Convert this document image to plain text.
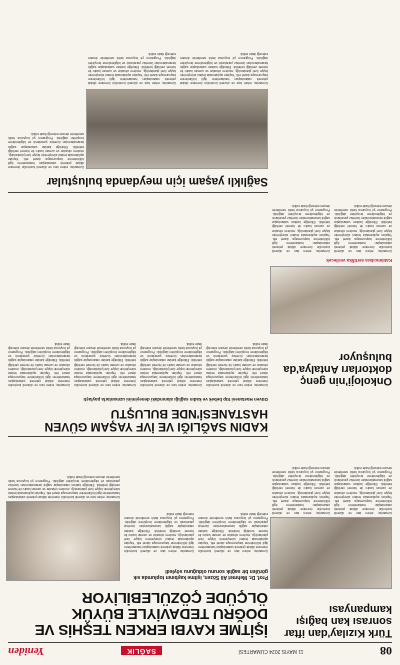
08
11 MAYIS 2024 CUMARTESİ
SAĞLIK
Yeniden
Türk Kızılay'dan iftar sonrası kan bağışı kampanyası
Uzmanlar, erken tanı ve düzenli kontrolün önemine dikkat çekerek vatandaşları hastanelerin ilgili bölümlerine başvurmaya davet etti. Yapılan açıklamada tedavi süreçlerinin kişiye özel planlandığı, modern cihazlar ve uzman kadro ile hizmet verildiği belirtildi. Etkinliğe katılan vatandaşlar sağlık taramalarından ücretsiz yararlandı ve bilgilendirme broşürleri dağıtıldı. Programın yıl boyunca farklı semtlerde devam edeceği ifade edildi.
Uzmanlar, erken tanı ve düzenli kontrolün önemine dikkat çekerek vatandaşları hastanelerin ilgili bölümlerine başvurmaya davet etti. Yapılan açıklamada tedavi süreçlerinin kişiye özel planlandığı, modern cihazlar ve uzman kadro ile hizmet verildiği belirtildi. Etkinliğe katılan vatandaşlar sağlık taramalarından ücretsiz yararlandı ve bilgilendirme broşürleri dağıtıldı. Programın yıl boyunca farklı semtlerde devam edeceği ifade edildi.
Onkoloji'nin genç doktorları Antalya'da buluşuyor
Katılımcılara sertifika verilecek
Uzmanlar, erken tanı ve düzenli kontrolün önemine dikkat çekerek vatandaşları hastanelerin ilgili bölümlerine başvurmaya davet etti. Yapılan açıklamada tedavi süreçlerinin kişiye özel planlandığı, modern cihazlar ve uzman kadro ile hizmet verildiği belirtildi. Etkinliğe katılan vatandaşlar sağlık taramalarından ücretsiz yararlandı ve bilgilendirme broşürleri dağıtıldı. Programın yıl boyunca farklı semtlerde devam edeceği ifade edildi.
Uzmanlar, erken tanı ve düzenli kontrolün önemine dikkat çekerek vatandaşları hastanelerin ilgili bölümlerine başvurmaya davet etti. Yapılan açıklamada tedavi süreçlerinin kişiye özel planlandığı, modern cihazlar ve uzman kadro ile hizmet verildiği belirtildi. Etkinliğe katılan vatandaşlar sağlık taramalarından ücretsiz yararlandı ve bilgilendirme broşürleri dağıtıldı. Programın yıl boyunca farklı semtlerde devam edeceği ifade edildi.
İŞİTME KAYBI ERKEN TEŞHİS VE DOĞRU TEDAVİYLE BÜYÜK ÖLÇÜDE ÇÖZÜLEBİLİYOR
Prof. Dr. Mehmet Ali Sözen, işitme kaybının toplumda sık görülen bir sağlık sorunu olduğunu söyledi
Uzmanlar, erken tanı ve düzenli kontrolün önemine dikkat çekerek vatandaşları hastanelerin ilgili bölümlerine başvurmaya davet etti. Yapılan açıklamada tedavi süreçlerinin kişiye özel planlandığı, modern cihazlar ve uzman kadro ile hizmet verildiği belirtildi. Etkinliğe katılan vatandaşlar sağlık taramalarından ücretsiz yararlandı ve bilgilendirme broşürleri dağıtıldı. Programın yıl boyunca farklı semtlerde devam edeceği ifade edildi.
Uzmanlar, erken tanı ve düzenli kontrolün önemine dikkat çekerek vatandaşları hastanelerin ilgili bölümlerine başvurmaya davet etti. Yapılan açıklamada tedavi süreçlerinin kişiye özel planlandığı, modern cihazlar ve uzman kadro ile hizmet verildiği belirtildi. Etkinliğe katılan vatandaşlar sağlık taramalarından ücretsiz yararlandı ve bilgilendirme broşürleri dağıtıldı. Programın yıl boyunca farklı semtlerde devam edeceği ifade edildi.
Uzmanlar, erken tanı ve düzenli kontrolün önemine dikkat çekerek vatandaşları hastanelerin ilgili bölümlerine başvurmaya davet etti. Yapılan açıklamada tedavi süreçlerinin kişiye özel planlandığı, modern cihazlar ve uzman kadro ile hizmet verildiği belirtildi. Etkinliğe katılan vatandaşlar sağlık taramalarından ücretsiz yararlandı ve bilgilendirme broşürleri dağıtıldı. Programın yıl boyunca farklı semtlerde devam edeceği ifade edildi.
KADIN SAĞLIĞI VE İVF YAŞAM GÜVEN HASTANESİ'NDE BULUŞTU
Güven Hastanesi tüp bebek ve kadın sağlığı alanındaki deneyimini uzmanlarla paylaştı
Uzmanlar, erken tanı ve düzenli kontrolün önemine dikkat çekerek vatandaşları hastanelerin ilgili bölümlerine başvurmaya davet etti. Yapılan açıklamada tedavi süreçlerinin kişiye özel planlandığı, modern cihazlar ve uzman kadro ile hizmet verildiği belirtildi. Etkinliğe katılan vatandaşlar sağlık taramalarından ücretsiz yararlandı ve bilgilendirme broşürleri dağıtıldı. Programın yıl boyunca farklı semtlerde devam edeceği ifade edildi.
Uzmanlar, erken tanı ve düzenli kontrolün önemine dikkat çekerek vatandaşları hastanelerin ilgili bölümlerine başvurmaya davet etti. Yapılan açıklamada tedavi süreçlerinin kişiye özel planlandığı, modern cihazlar ve uzman kadro ile hizmet verildiği belirtildi. Etkinliğe katılan vatandaşlar sağlık taramalarından ücretsiz yararlandı ve bilgilendirme broşürleri dağıtıldı. Programın yıl boyunca farklı semtlerde devam edeceği ifade edildi.
Uzmanlar, erken tanı ve düzenli kontrolün önemine dikkat çekerek vatandaşları hastanelerin ilgili bölümlerine başvurmaya davet etti. Yapılan açıklamada tedavi süreçlerinin kişiye özel planlandığı, modern cihazlar ve uzman kadro ile hizmet verildiği belirtildi. Etkinliğe katılan vatandaşlar sağlık taramalarından ücretsiz yararlandı ve bilgilendirme broşürleri dağıtıldı. Programın yıl boyunca farklı semtlerde devam edeceği ifade edildi.
Uzmanlar, erken tanı ve düzenli kontrolün önemine dikkat çekerek vatandaşları hastanelerin ilgili bölümlerine başvurmaya davet etti. Yapılan açıklamada tedavi süreçlerinin kişiye özel planlandığı, modern cihazlar ve uzman kadro ile hizmet verildiği belirtildi. Etkinliğe katılan vatandaşlar sağlık taramalarından ücretsiz yararlandı ve bilgilendirme broşürleri dağıtıldı. Programın yıl boyunca farklı semtlerde devam edeceği ifade edildi.
Sağlıklı yaşam için meydanda buluştular
Uzmanlar, erken tanı ve düzenli kontrolün önemine dikkat çekerek vatandaşları hastanelerin ilgili bölümlerine başvurmaya davet etti. Yapılan açıklamada tedavi süreçlerinin kişiye özel planlandığı, modern cihazlar ve uzman kadro ile hizmet verildiği belirtildi. Etkinliğe katılan vatandaşlar sağlık taramalarından ücretsiz yararlandı ve bilgilendirme broşürleri dağıtıldı. Programın yıl boyunca farklı semtlerde devam edeceği ifade edildi.
Uzmanlar, erken tanı ve düzenli kontrolün önemine dikkat çekerek vatandaşları hastanelerin ilgili bölümlerine başvurmaya davet etti. Yapılan açıklamada tedavi süreçlerinin kişiye özel planlandığı, modern cihazlar ve uzman kadro ile hizmet verildiği belirtildi. Etkinliğe katılan vatandaşlar sağlık taramalarından ücretsiz yararlandı ve bilgilendirme broşürleri dağıtıldı. Programın yıl boyunca farklı semtlerde devam edeceği ifade edildi.
Uzmanlar, erken tanı ve düzenli kontrolün önemine dikkat çekerek vatandaşları hastanelerin ilgili bölümlerine başvurmaya davet etti. Yapılan açıklamada tedavi süreçlerinin kişiye özel planlandığı, modern cihazlar ve uzman kadro ile hizmet verildiği belirtildi. Etkinliğe katılan vatandaşlar sağlık taramalarından ücretsiz yararlandı ve bilgilendirme broşürleri dağıtıldı. Programın yıl boyunca farklı semtlerde devam edeceği ifade edildi.
